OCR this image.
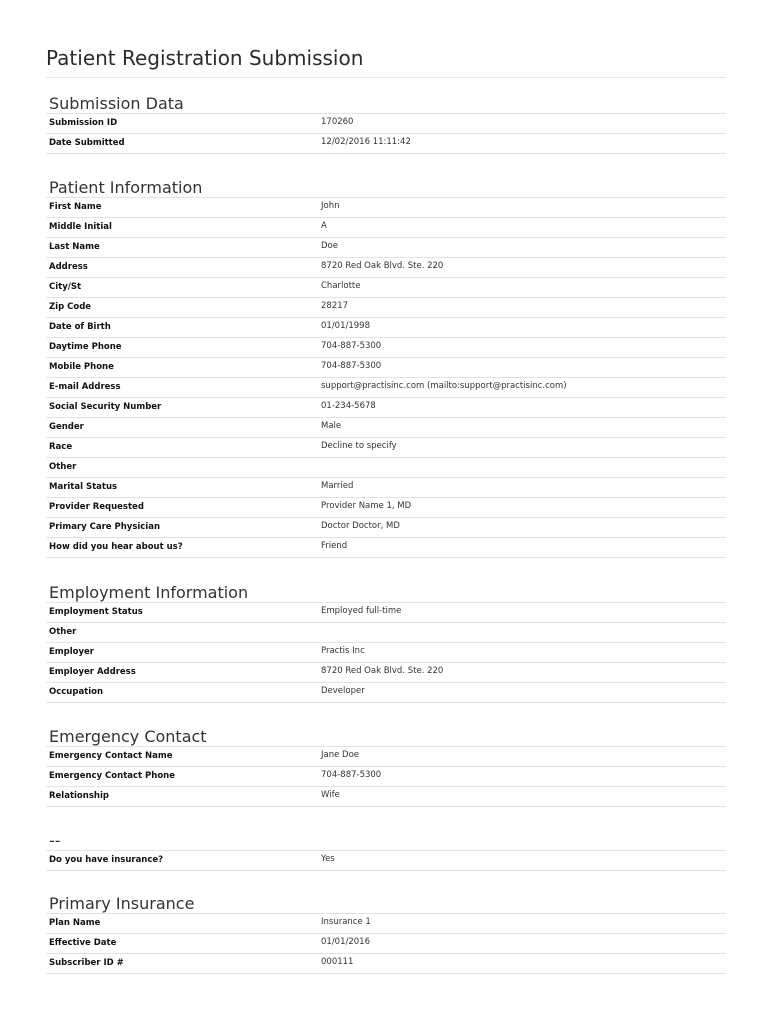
Patient Registration Submission
Submission Data
Submission ID	170260
Date Submitted	12/02/2016 11:11:42
Patient Information
First Name	John
Middle Initial	A
Last Name	Doe
Address	8720 Red Oak Blvd. Ste. 220
City/St	Charlotte
Zip Code	28217
Date of Birth	01/01/1998
Daytime Phone	704-887-5300
Mobile Phone	704-887-5300
E-mail Address	support@practisinc.com (mailto:support@practisinc.com)
Social Security Number	01-234-5678
Gender	Male
Race	Decline to specify
Other
Marital Status	Married
Provider Requested	Provider Name 1, MD
Primary Care Physician	Doctor Doctor, MD
How did you hear about us?	Friend
Employment Information
Employment Status	Employed full-time
Other
Employer	Practis Inc
Employer Address	8720 Red Oak Blvd. Ste. 220
Occupation	Developer
Emergency Contact
Emergency Contact Name	Jane Doe
Emergency Contact Phone	704-887-5300
Relationship	Wife
--
Do you have insurance?	Yes
Primary Insurance
Plan Name	Insurance 1
Effective Date	01/01/2016
Subscriber ID #	000111
